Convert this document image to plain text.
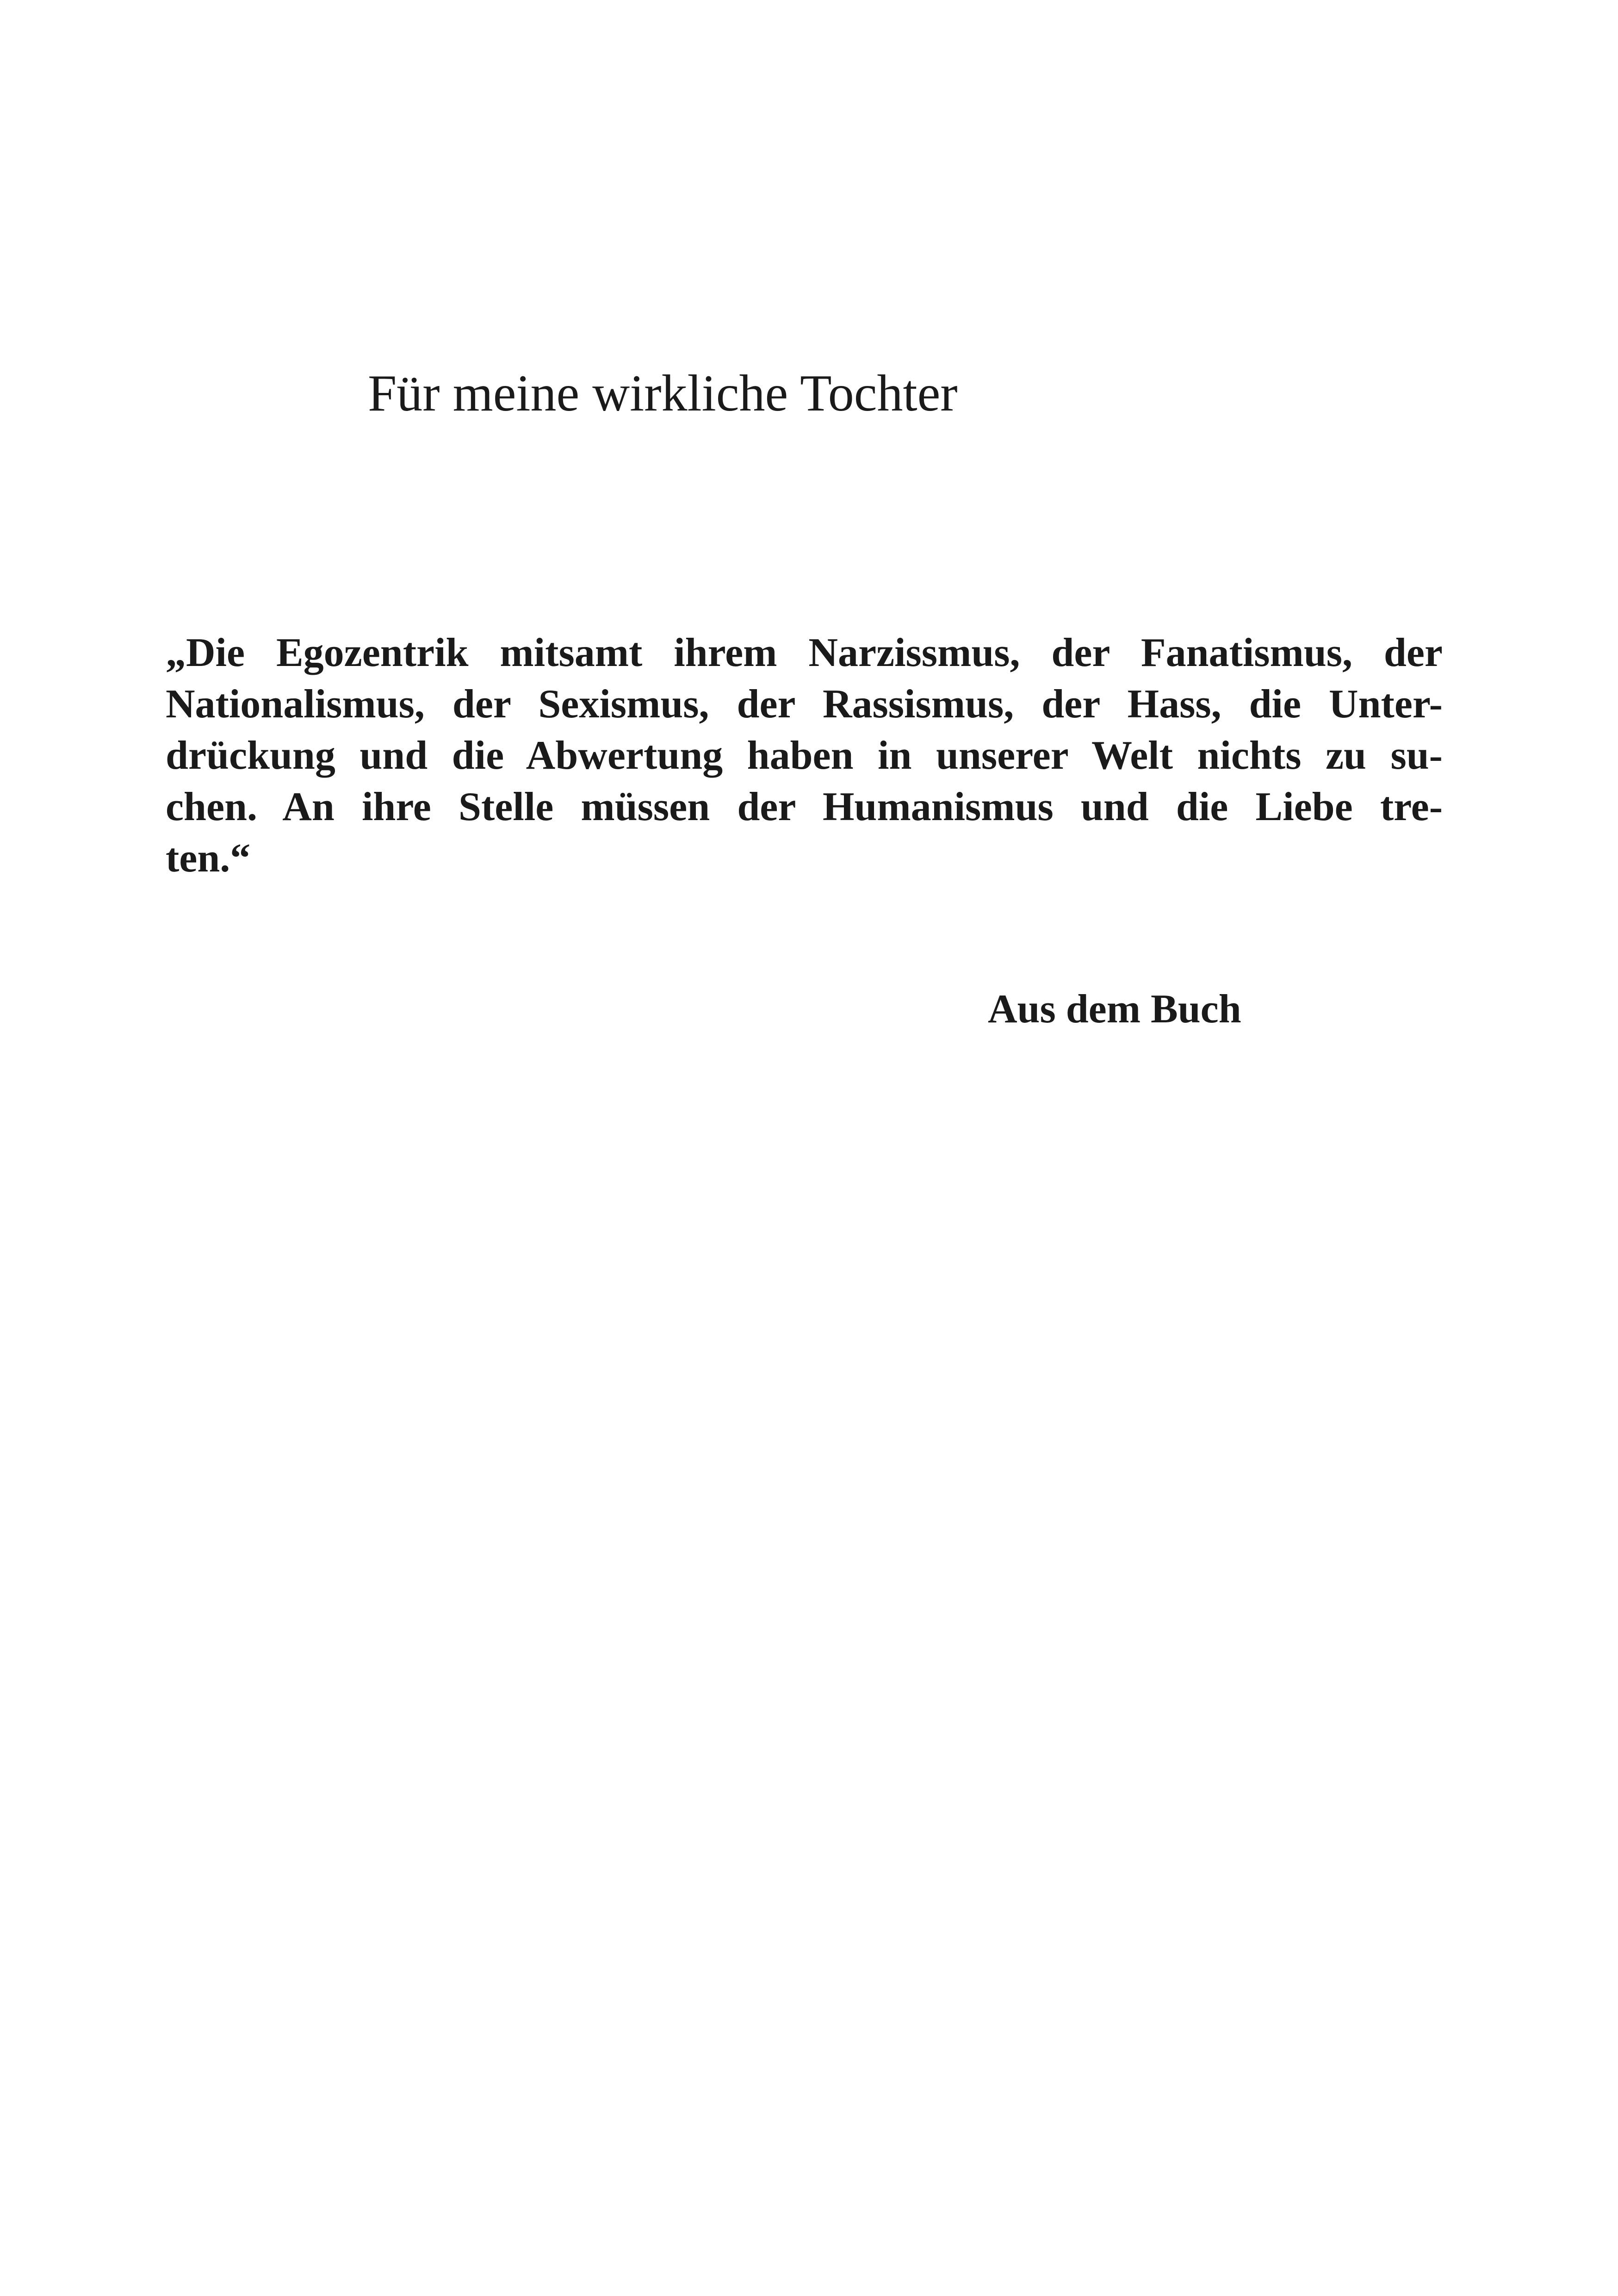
Für meine wirkliche Tochter
„Die Egozentrik mitsamt ihrem Narzissmus, der Fanatismus, der
Nationalismus, der Sexismus, der Rassismus, der Hass, die Unter-
drückung und die Abwertung haben in unserer Welt nichts zu su-
chen. An ihre Stelle müssen der Humanismus und die Liebe tre-
ten.“

Aus dem Buch
